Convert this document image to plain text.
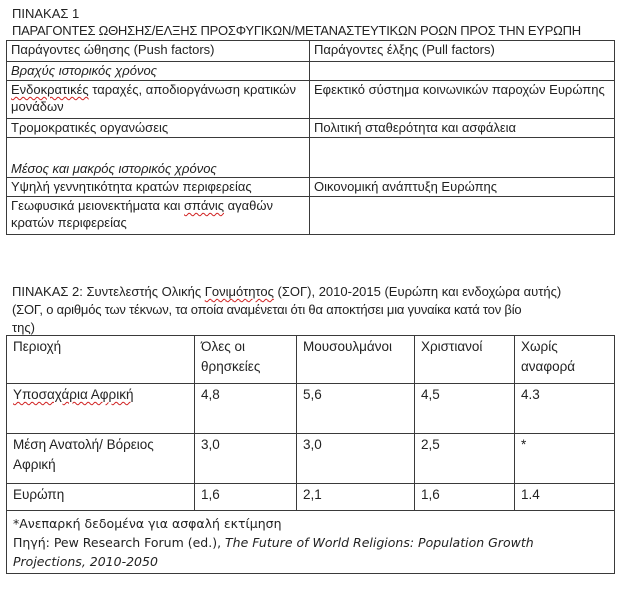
ΠΙΝΑΚΑΣ 1
ΠΑΡΑΓΟΝΤΕΣ ΩΘΗΣΗΣ/ΕΛΞΗΣ ΠΡΟΣΦΥΓΙΚΩΝ/ΜΕΤΑΝΑΣΤΕΥΤΙΚΩΝ ΡΟΩΝ ΠΡΟΣ ΤΗΝ ΕΥΡΩΠΗ
Παράγοντες ώθησης (Push factors)	Παράγοντες έλξης (Pull factors)
Βραχύς ιστορικός χρόνος	
Ενδοκρατικές ταραχές, αποδιοργάνωση κρατικών μονάδων	Εφεκτικό σύστημα κοινωνικών παροχών Ευρώπης
Τρομοκρατικές οργανώσεις	Πολιτική σταθερότητα και ασφάλεια
Μέσος και μακρός ιστορικός χρόνος	
Υψηλή γεννητικότητα κρατών περιφερείας	Οικονομική ανάπτυξη Ευρώπης
Γεωφυσικά μειονεκτήματα και σπάνις αγαθών κρατών περιφερείας	
ΠΙΝΑΚΑΣ 2: Συντελεστής Ολικής Γονιμότητος (ΣΟΓ), 2010-2015 (Ευρώπη και ενδοχώρα αυτής)
(ΣΟΓ, ο αριθμός των τέκνων, τα οποία αναμένεται ότι θα αποκτήσει μια γυναίκα κατά τον βίο
της)
Περιοχή	Όλες οι θρησκείες	Μουσουλμάνοι	Χριστιανοί	Χωρίς αναφορά
Υποσαχάρια Αφρική	4,8	5,6	4,5	4.3
Μέση Ανατολή/ Βόρειος Αφρική	3,0	3,0	2,5	*
Ευρώπη	1,6	2,1	1,6	1.4

*Ανεπαρκή δεδομένα για ασφαλή εκτίμηση
Πηγή: Pew Research Forum (ed.), The Future of World Religions: Population Growth Projections, 2010-2050				
